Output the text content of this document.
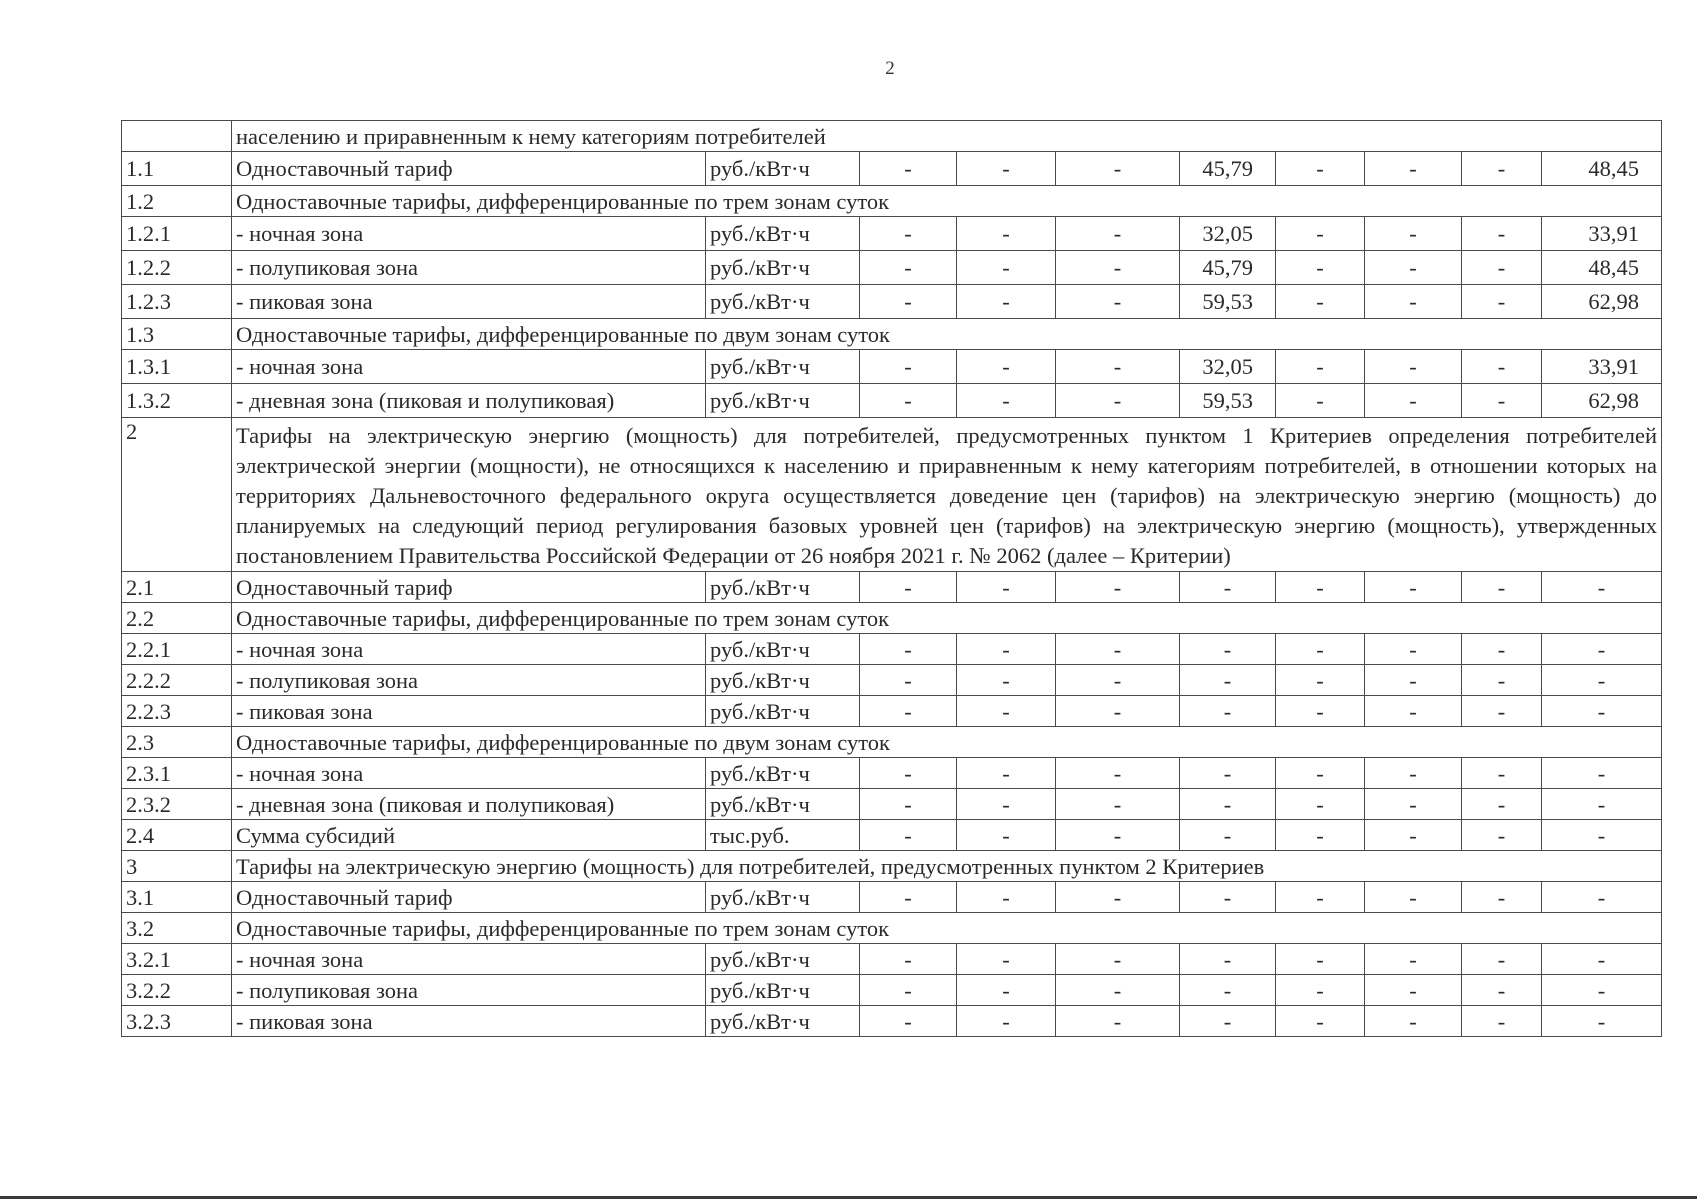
2
	населению и приравненным к нему категориям потребителей									
1.1	Одноставочный тариф	руб./кВт·ч	-	-	-	45,79	-	-	-	48,45
1.2	Одноставочные тарифы, дифференцированные по трем зонам суток									
1.2.1	- ночная зона	руб./кВт·ч	-	-	-	32,05	-	-	-	33,91
1.2.2	- полупиковая зона	руб./кВт·ч	-	-	-	45,79	-	-	-	48,45
1.2.3	- пиковая зона	руб./кВт·ч	-	-	-	59,53	-	-	-	62,98
1.3	Одноставочные тарифы, дифференцированные по двум зонам суток									
1.3.1	- ночная зона	руб./кВт·ч	-	-	-	32,05	-	-	-	33,91
1.3.2	- дневная зона (пиковая и полупиковая)	руб./кВт·ч	-	-	-	59,53	-	-	-	62,98
2	Тарифы на электрическую энергию (мощность) для потребителей, предусмотренных пунктом 1 Критериев определения потребителей электрической энергии (мощности), не относящихся к населению и приравненным к нему категориям потребителей, в отношении которых на территориях Дальневосточного федерального округа осуществляется доведение цен (тарифов) на электрическую энергию (мощность) до планируемых на следующий период регулирования базовых уровней цен (тарифов) на электрическую энергию (мощность), утвержденных постановлением Правительства Российской Федерации от 26 ноября 2021 г. № 2062 (далее – Критерии)									
2.1	Одноставочный тариф	руб./кВт·ч	-	-	-	-	-	-	-	-
2.2	Одноставочные тарифы, дифференцированные по трем зонам суток									
2.2.1	- ночная зона	руб./кВт·ч	-	-	-	-	-	-	-	-
2.2.2	- полупиковая зона	руб./кВт·ч	-	-	-	-	-	-	-	-
2.2.3	- пиковая зона	руб./кВт·ч	-	-	-	-	-	-	-	-
2.3	Одноставочные тарифы, дифференцированные по двум зонам суток									
2.3.1	- ночная зона	руб./кВт·ч	-	-	-	-	-	-	-	-
2.3.2	- дневная зона (пиковая и полупиковая)	руб./кВт·ч	-	-	-	-	-	-	-	-
2.4	Сумма субсидий	тыс.руб.	-	-	-	-	-	-	-	-
3	Тарифы на электрическую энергию (мощность) для потребителей, предусмотренных пунктом 2 Критериев									
3.1	Одноставочный тариф	руб./кВт·ч	-	-	-	-	-	-	-	-
3.2	Одноставочные тарифы, дифференцированные по трем зонам суток									
3.2.1	- ночная зона	руб./кВт·ч	-	-	-	-	-	-	-	-
3.2.2	- полупиковая зона	руб./кВт·ч	-	-	-	-	-	-	-	-
3.2.3	- пиковая зона	руб./кВт·ч	-	-	-	-	-	-	-	-
